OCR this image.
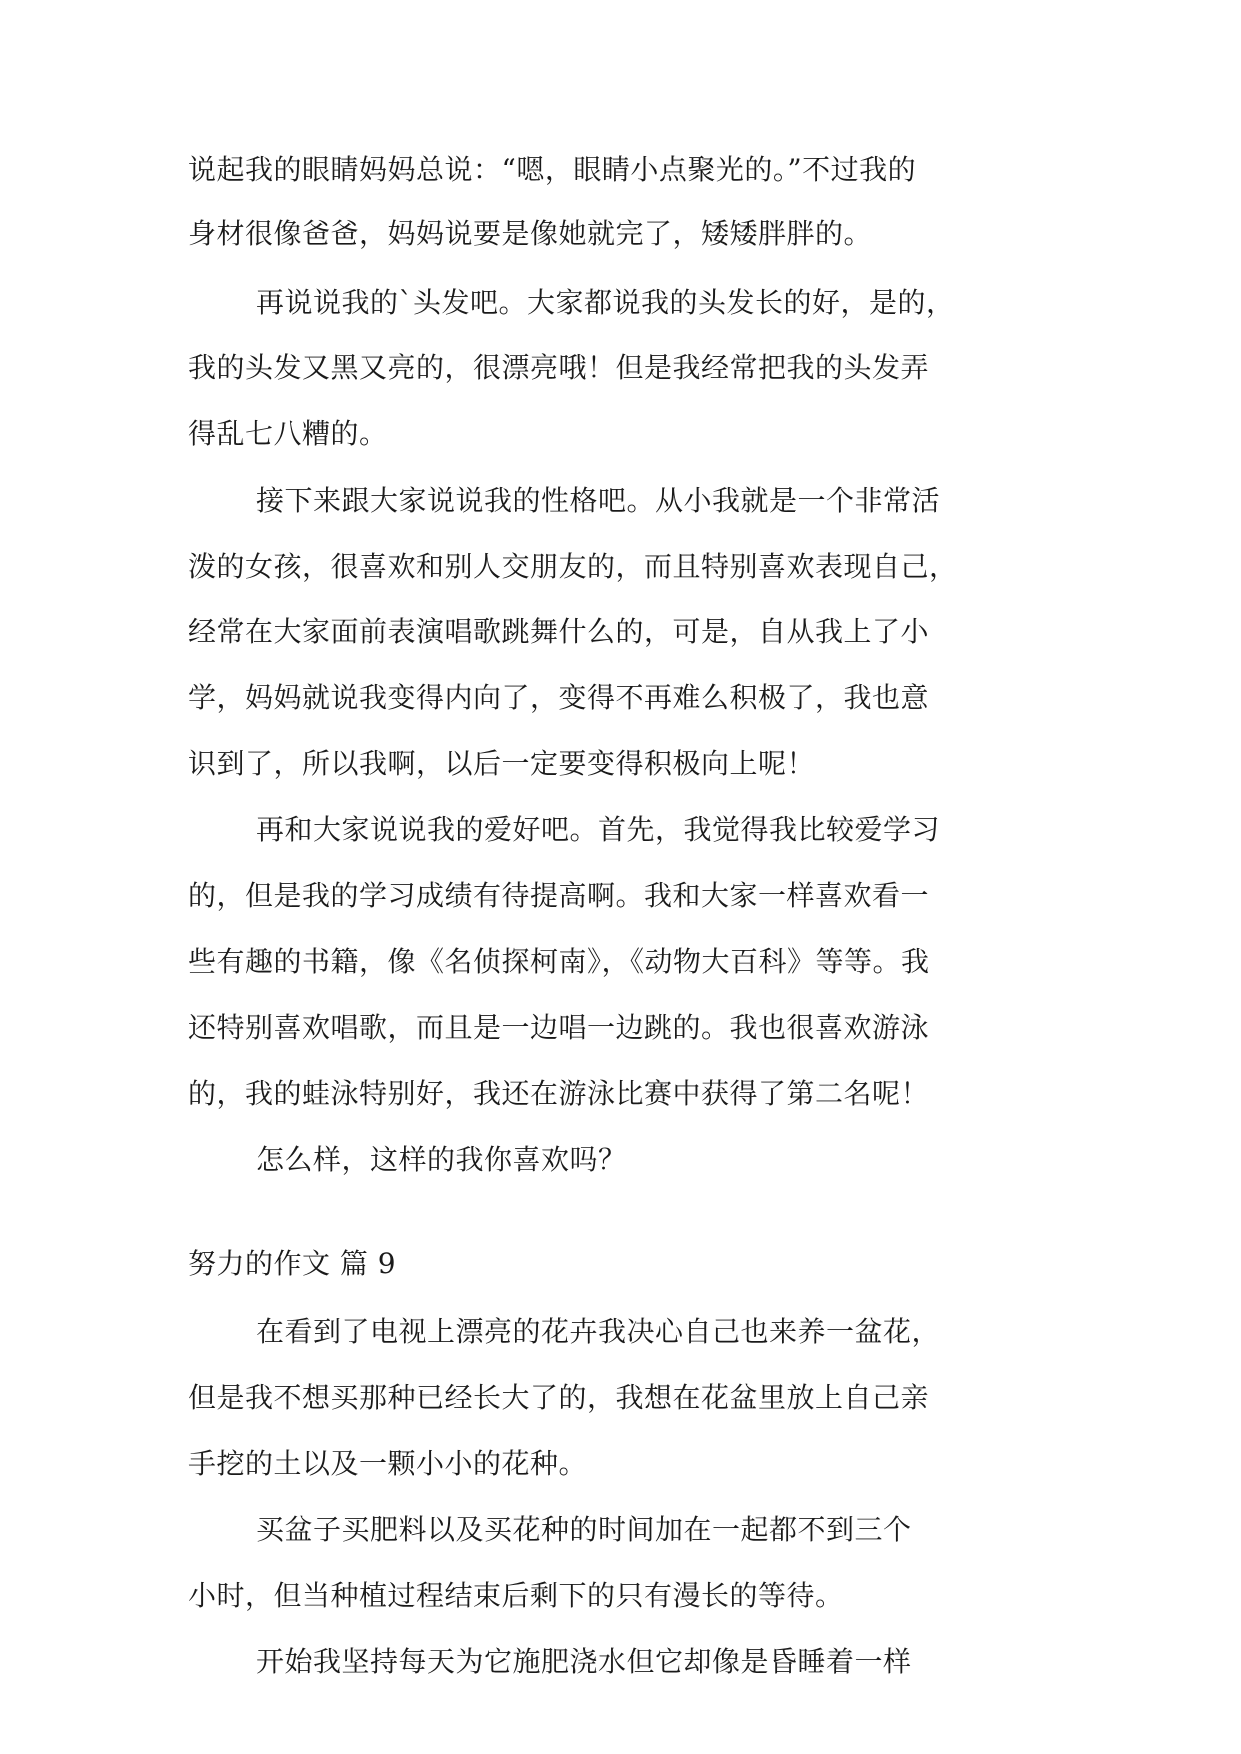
说起我的眼睛妈妈总说：“嗯，眼睛小点聚光的。”不过我的
身材很像爸爸，妈妈说要是像她就完了，矮矮胖胖的。
再说说我的`头发吧。大家都说我的头发长的好，是的，
我的头发又黑又亮的，很漂亮哦！但是我经常把我的头发弄
得乱七八糟的。
接下来跟大家说说我的性格吧。从小我就是一个非常活
泼的女孩，很喜欢和别人交朋友的，而且特别喜欢表现自己，
经常在大家面前表演唱歌跳舞什么的，可是，自从我上了小
学，妈妈就说我变得内向了，变得不再难么积极了，我也意
识到了，所以我啊，以后一定要变得积极向上呢！
再和大家说说我的爱好吧。首先，我觉得我比较爱学习
的，但是我的学习成绩有待提高啊。我和大家一样喜欢看一
些有趣的书籍，像《名侦探柯南》，《动物大百科》等等。我
还特别喜欢唱歌，而且是一边唱一边跳的。我也很喜欢游泳
的，我的蛙泳特别好，我还在游泳比赛中获得了第二名呢！
怎么样，这样的我你喜欢吗？
努力的作文 篇 9
在看到了电视上漂亮的花卉我决心自己也来养一盆花，
但是我不想买那种已经长大了的，我想在花盆里放上自己亲
手挖的土以及一颗小小的花种。
买盆子买肥料以及买花种的时间加在一起都不到三个
小时，但当种植过程结束后剩下的只有漫长的等待。
开始我坚持每天为它施肥浇水但它却像是昏睡着一样
